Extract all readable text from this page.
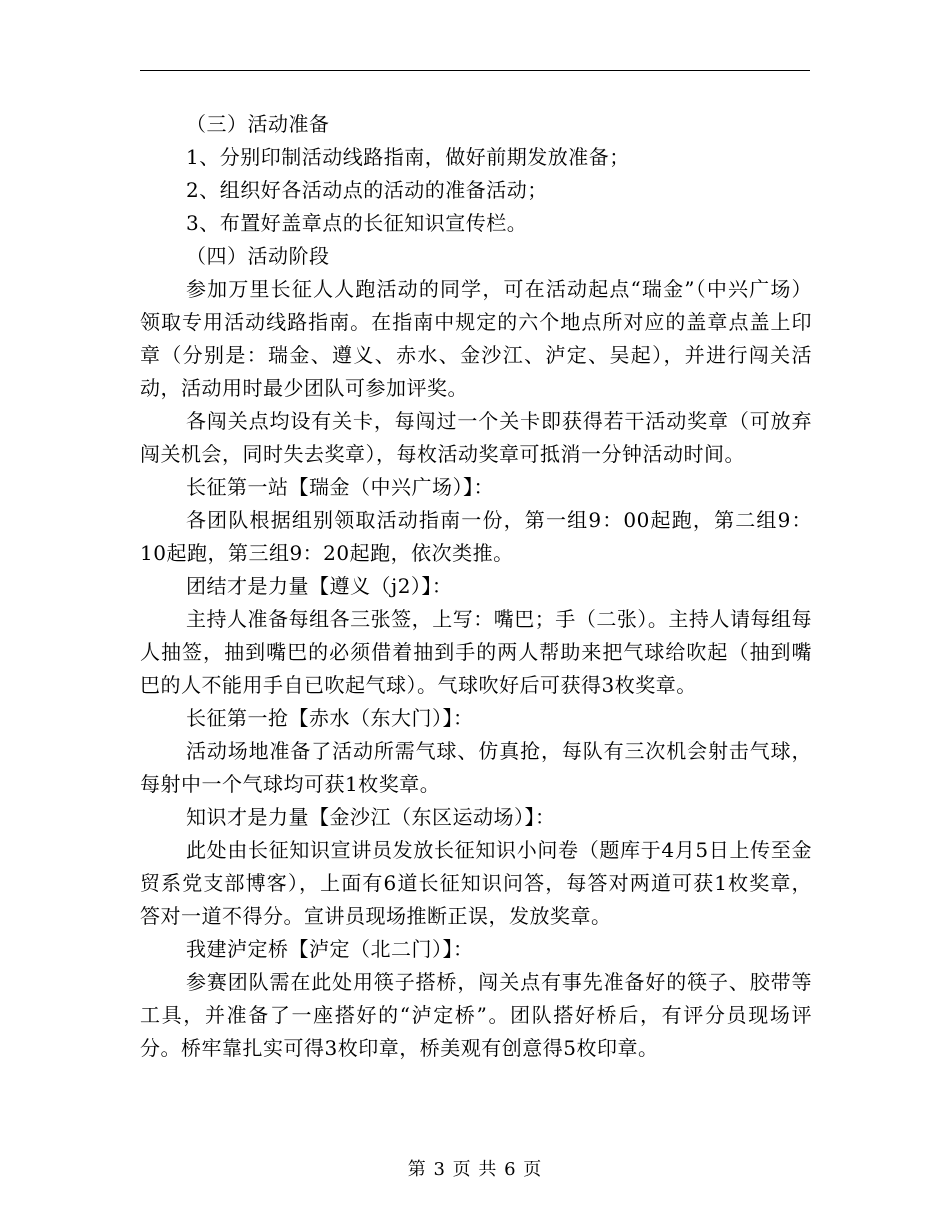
（三）活动准备

1、分别印制活动线路指南，做好前期发放准备；

2、组织好各活动点的活动的准备活动；

3、布置好盖章点的长征知识宣传栏。

（四）活动阶段

参加万里长征人人跑活动的同学，可在活动起点“瑞金”（中兴广场）领取专用活动线路指南。在指南中规定的六个地点所对应的盖章点盖上印章（分别是：瑞金、遵义、赤水、金沙江、泸定、吴起），并进行闯关活动，活动用时最少团队可参加评奖。

各闯关点均设有关卡，每闯过一个关卡即获得若干活动奖章（可放弃闯关机会，同时失去奖章），每枚活动奖章可抵消一分钟活动时间。

长征第一站【瑞金（中兴广场）】：

各团队根据组别领取活动指南一份，第一组9：00起跑，第二组9：10起跑，第三组9：20起跑，依次类推。

团结才是力量【遵义（j2）】：

主持人准备每组各三张签，上写：嘴巴；手（二张）。主持人请每组每人抽签，抽到嘴巴的必须借着抽到手的两人帮助来把气球给吹起（抽到嘴巴的人不能用手自已吹起气球）。气球吹好后可获得3枚奖章。

长征第一抢【赤水（东大门）】：

活动场地准备了活动所需气球、仿真抢，每队有三次机会射击气球，每射中一个气球均可获1枚奖章。

知识才是力量【金沙江（东区运动场）】：

此处由长征知识宣讲员发放长征知识小问卷（题库于4月5日上传至金贸系党支部博客），上面有6道长征知识问答，每答对两道可获1枚奖章，答对一道不得分。宣讲员现场推断正误，发放奖章。

我建泸定桥【泸定（北二门）】：

参赛团队需在此处用筷子搭桥，闯关点有事先准备好的筷子、胶带等工具，并准备了一座搭好的“泸定桥”。团队搭好桥后，有评分员现场评分。桥牢靠扎实可得3枚印章，桥美观有创意得5枚印章。

第 3 页 共 6 页
